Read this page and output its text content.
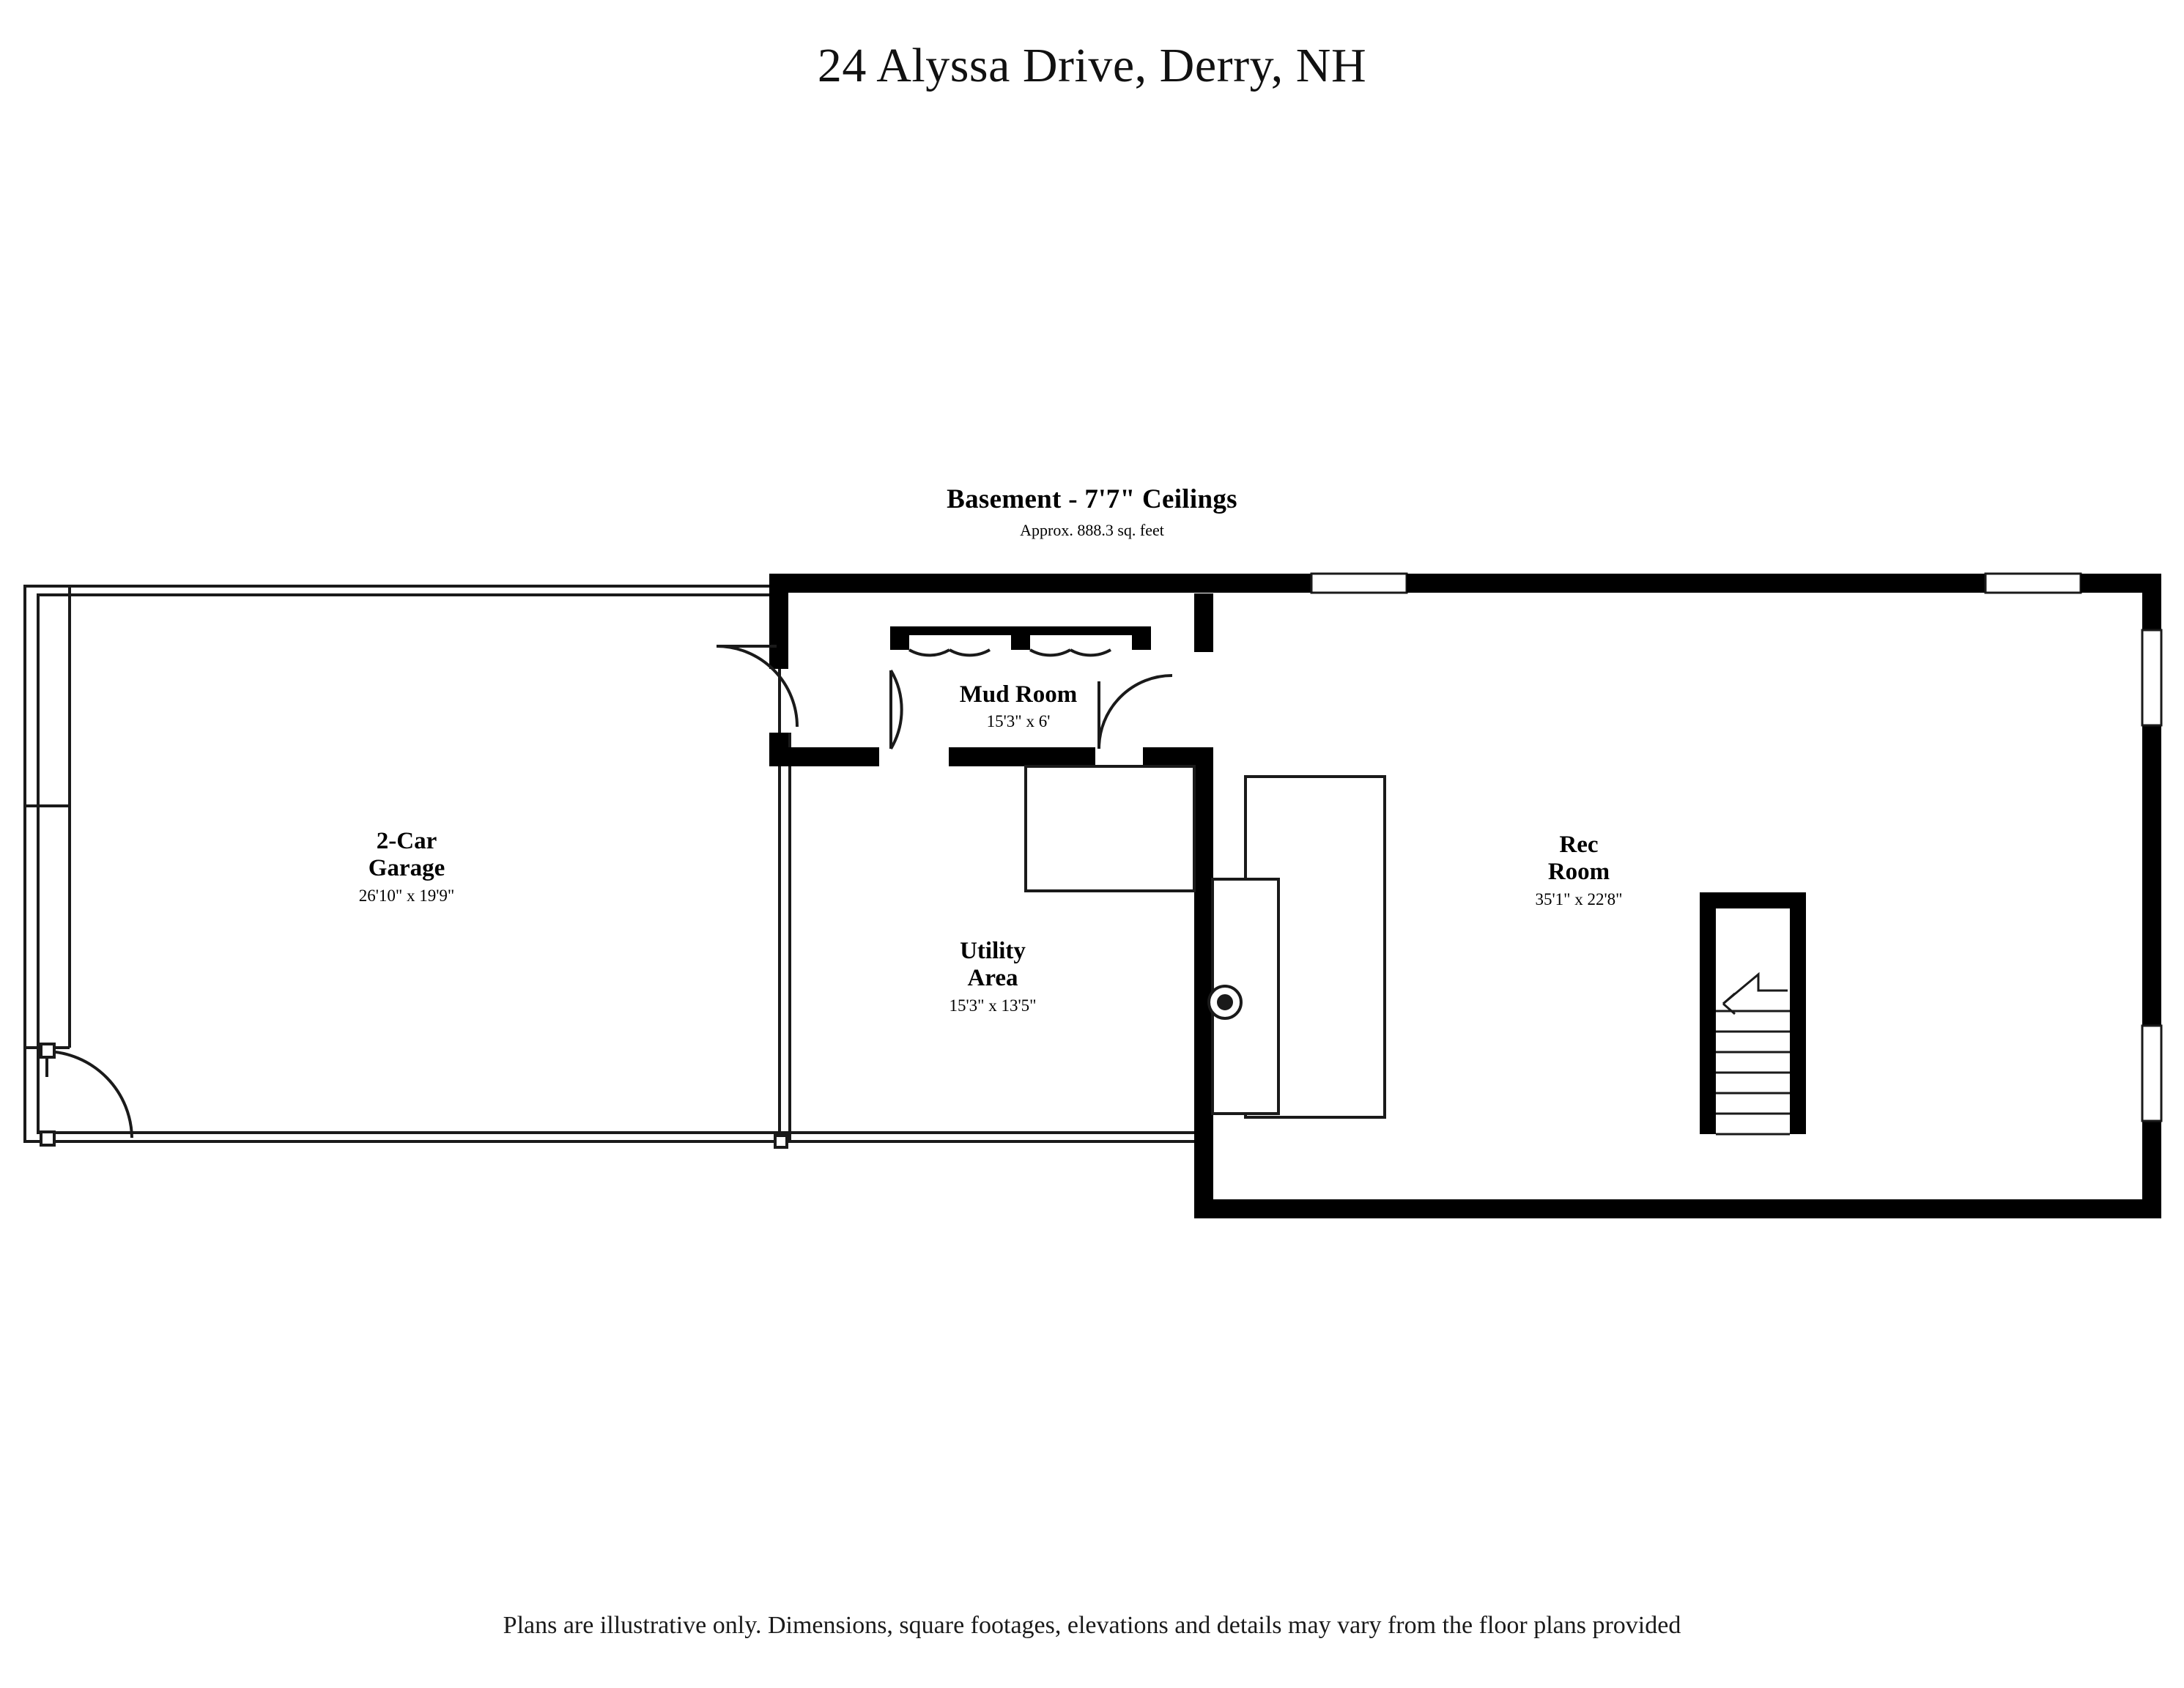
24 Alyssa Drive, Derry, NH
Basement - 7'7" Ceilings
Approx. 888.3 sq. feet
2-Car
Garage
26'10" x 19'9"
Mud Room
15'3" x 6'
Utility
Area
15'3" x 13'5"
Rec
Room
35'1" x 22'8"
Plans are illustrative only. Dimensions, square footages, elevations and details may vary from the floor plans provided
